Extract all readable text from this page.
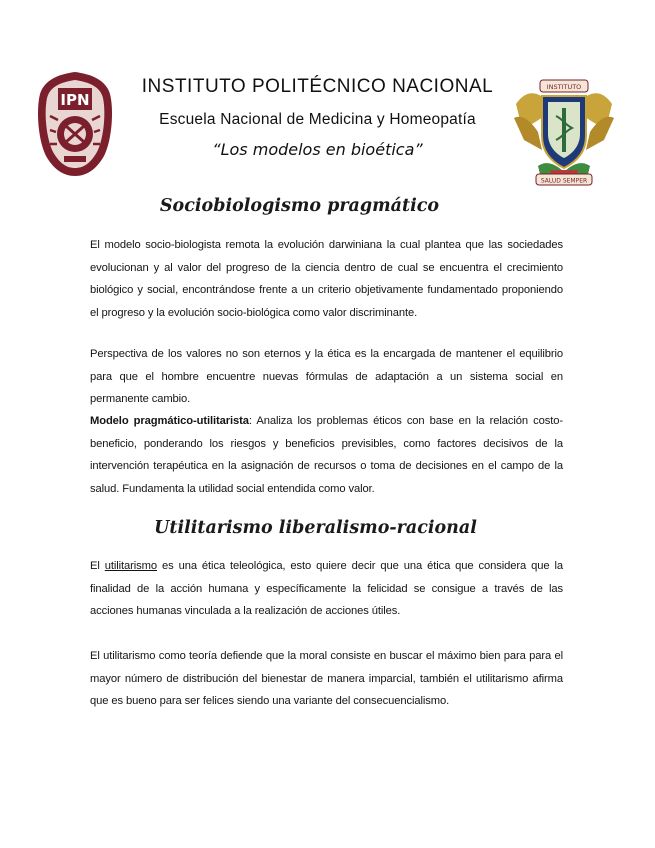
IPN
INSTITUTO
SALUD SEMPER

INSTITUTO POLITÉCNICO NACIONAL

Escuela Nacional de Medicina y Homeopatía

“Los modelos en bioética”

Sociobiologismo pragmático

El modelo socio-biologista remota la evolución darwiniana la cual plantea que las sociedades evolucionan y al valor del progreso de la ciencia dentro de cual se encuentra el crecimiento biológico y social, encontrándose frente a un criterio objetivamente fundamentado proponiendo el progreso y la evolución socio-biológica como valor discriminante.

Perspectiva de los valores no son eternos y la ética es la encargada de mantener el equilibrio para que el hombre encuentre nuevas fórmulas de adaptación a un sistema social en permanente cambio.

Modelo pragmático-utilitarista: Analiza los problemas éticos con base en la relación costo-beneficio, ponderando los riesgos y beneficios previsibles, como factores decisivos de la intervención terapéutica en la asignación de recursos o toma de decisiones en el campo de la salud. Fundamenta la utilidad social entendida como valor.

Utilitarismo liberalismo-racional

El utilitarismo es una ética teleológica, esto quiere decir que una ética que considera que la finalidad de la acción humana y específicamente la felicidad se consigue a través de las acciones humanas vinculada a la realización de acciones útiles.

El utilitarismo como teoría defiende que la moral consiste en buscar el máximo bien para para el mayor número de distribución del bienestar de manera imparcial, también el utilitarismo afirma que es bueno para ser felices siendo una variante del consecuencialismo.
